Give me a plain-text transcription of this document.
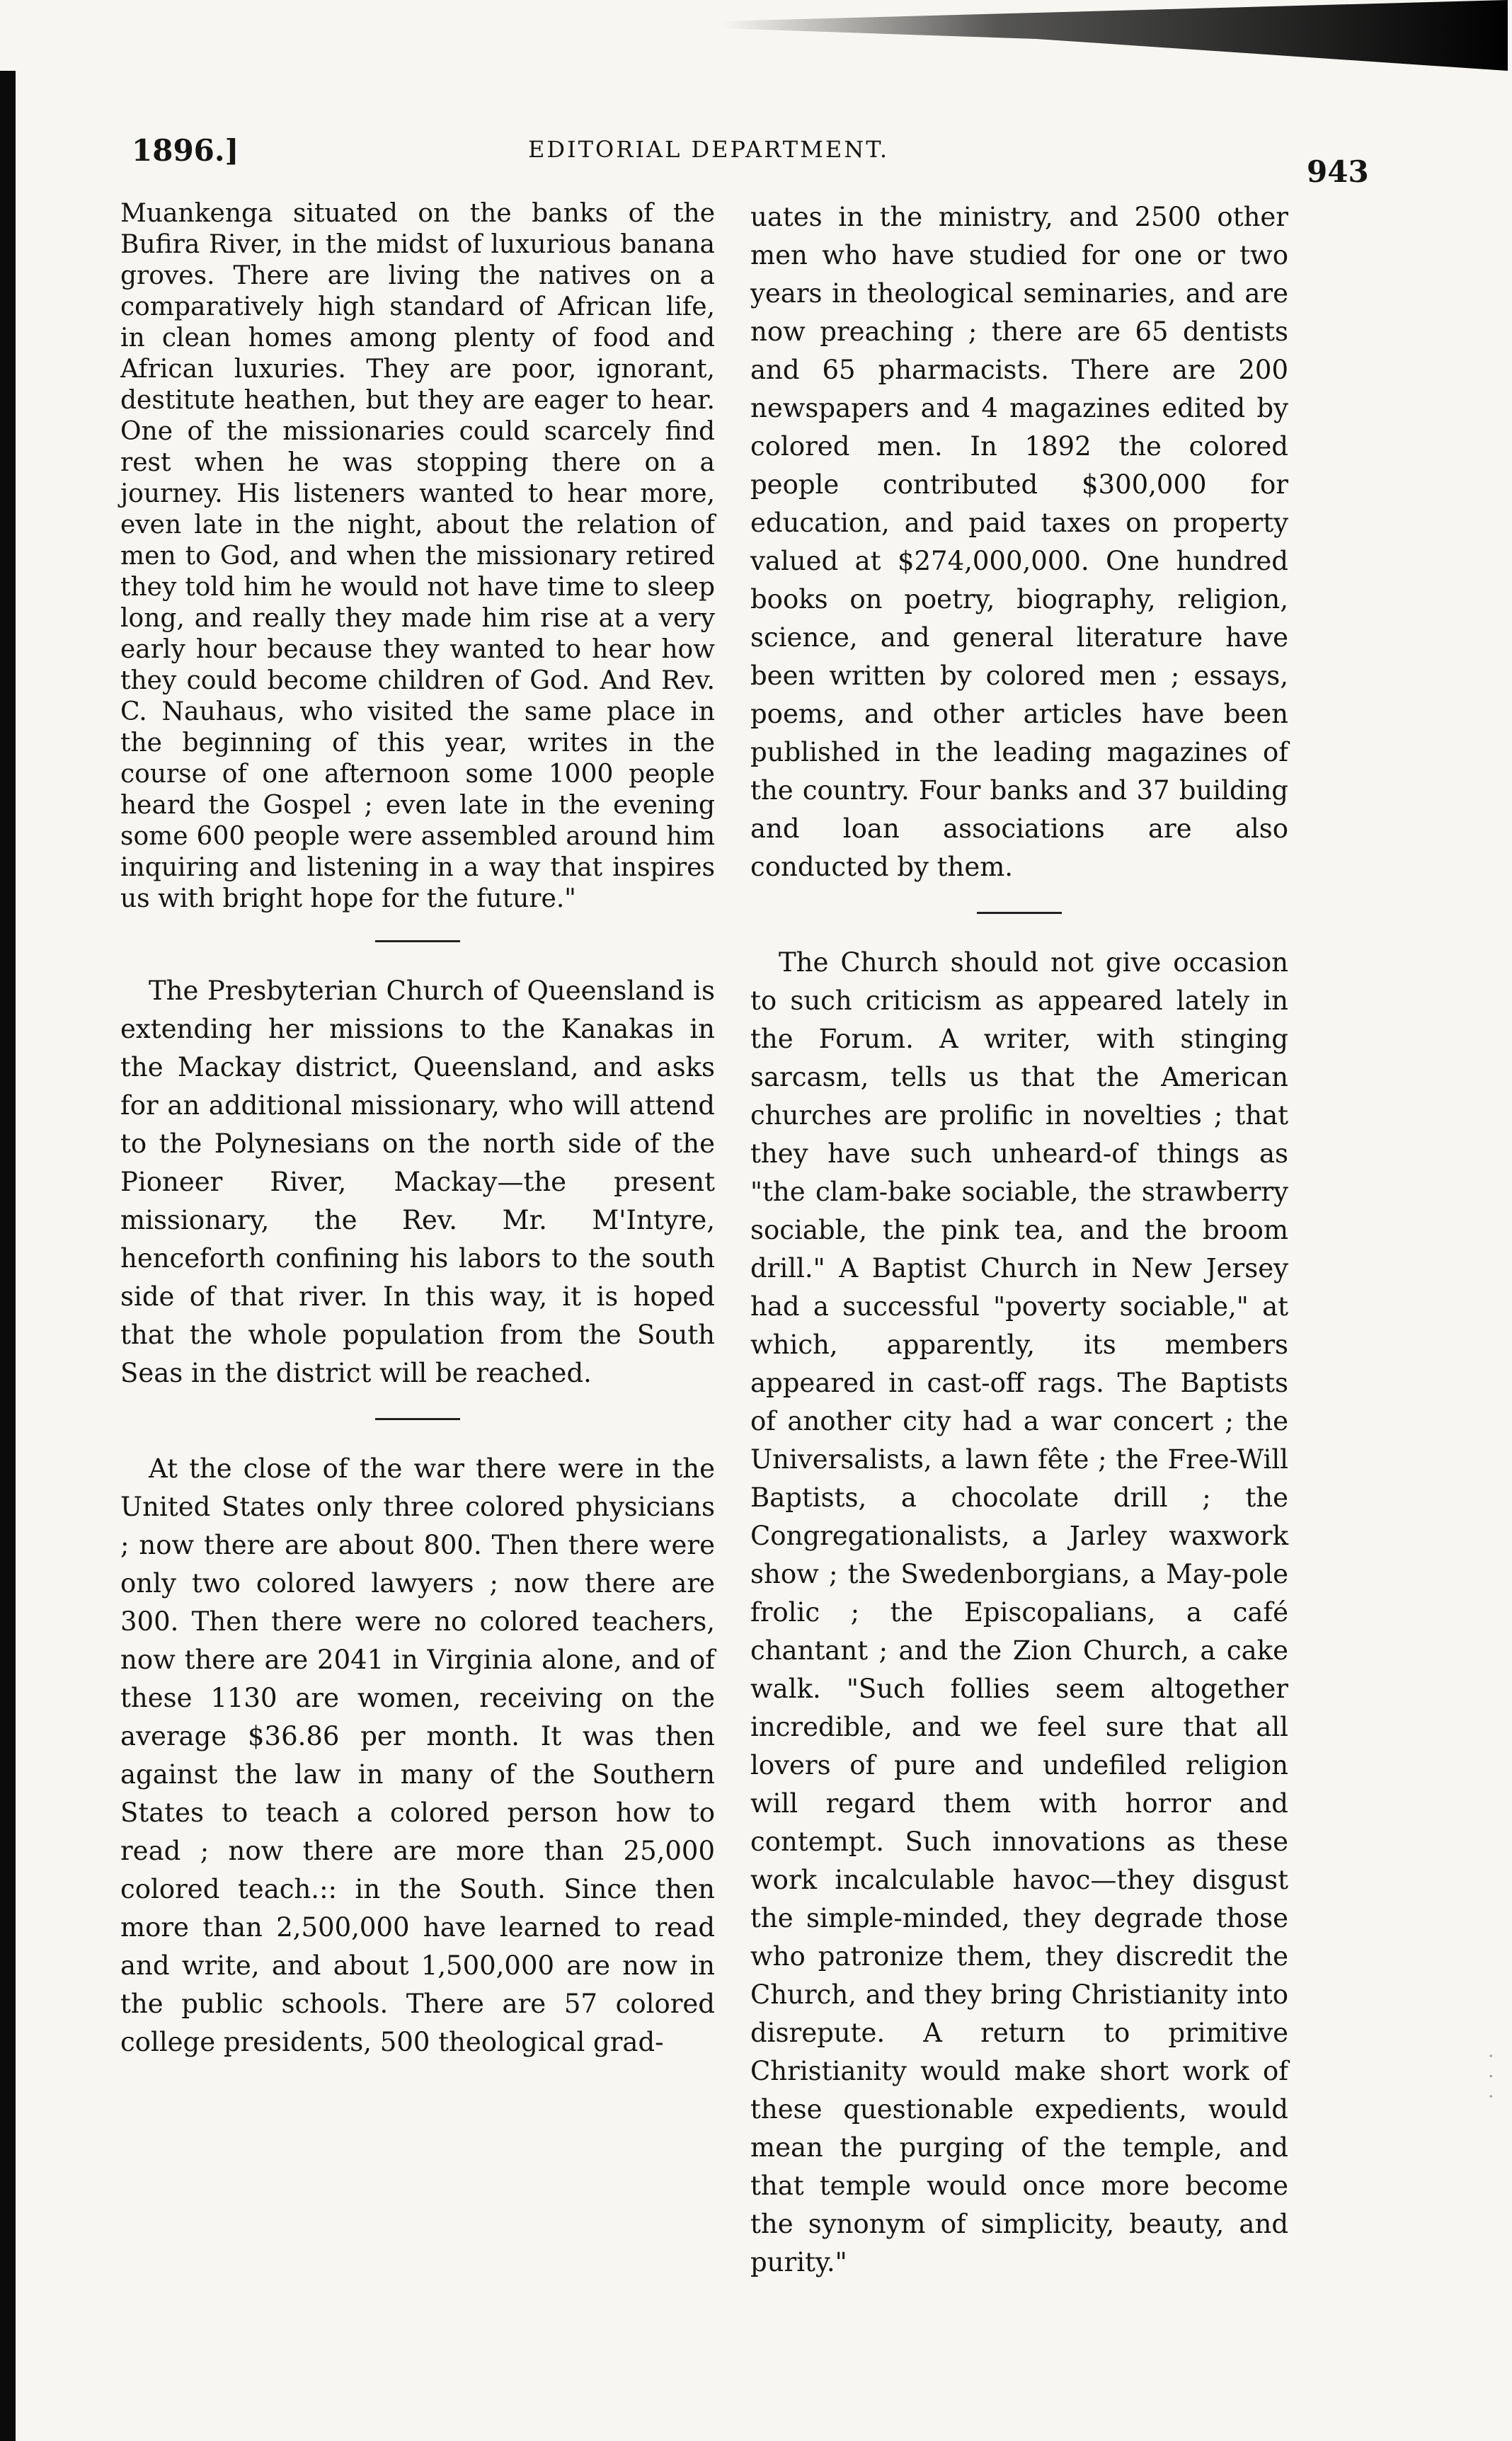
1896.]	EDITORIAL DEPARTMENT.
943

Muankenga situated on the banks of the Bufira River, in the midst of luxurious banana groves. There are living the natives on a comparatively high standard of African life, in clean homes among plenty of food and African luxuries. They are poor, ignorant, destitute heathen, but they are eager to hear. One of the missionaries could scarcely find rest when he was stopping there on a journey. His listeners wanted to hear more, even late in the night, about the relation of men to God, and when the missionary retired they told him he would not have time to sleep long, and really they made him rise at a very early hour because they wanted to hear how they could become children of God. And Rev. C. Nauhaus, who visited the same place in the beginning of this year, writes in the course of one afternoon some 1000 people heard the Gospel ; even late in the evening some 600 people were assembled around him inquiring and listening in a way that inspires us with bright hope for the future."

The Presbyterian Church of Queensland is extending her missions to the Kanakas in the Mackay district, Queensland, and asks for an additional missionary, who will attend to the Polynesians on the north side of the Pioneer River, Mackay—the present missionary, the Rev. Mr. M'Intyre, henceforth confining his labors to the south side of that river. In this way, it is hoped that the whole population from the South Seas in the district will be reached.

At the close of the war there were in the United States only three colored physicians ; now there are about 800. Then there were only two colored lawyers ; now there are 300. Then there were no colored teachers, now there are 2041 in Virginia alone, and of these 1130 are women, receiving on the average $36.86 per month. It was then against the law in many of the Southern States to teach a colored person how to read ; now there are more than 25,000 colored teach.:: in the South. Since then more than 2,500,000 have learned to read and write, and about 1,500,000 are now in the public schools. There are 57 colored college presidents, 500 theological grad-

uates in the ministry, and 2500 other men who have studied for one or two years in theological seminaries, and are now preaching ; there are 65 dentists and 65 pharmacists. There are 200 newspapers and 4 magazines edited by colored men. In 1892 the colored people contributed $300,000 for education, and paid taxes on property valued at $274,000,000. One hundred books on poetry, biography, religion, science, and general literature have been written by colored men ; essays, poems, and other articles have been published in the leading magazines of the country. Four banks and 37 building and loan associations are also conducted by them.

The Church should not give occasion to such criticism as appeared lately in the Forum. A writer, with stinging sarcasm, tells us that the American churches are prolific in novelties ; that they have such unheard-of things as "the clam-bake sociable, the strawberry sociable, the pink tea, and the broom drill." A Baptist Church in New Jersey had a successful "poverty sociable," at which, apparently, its members appeared in cast-off rags. The Baptists of another city had a war concert ; the Universalists, a lawn fête ; the Free-Will Baptists, a chocolate drill ; the Congregationalists, a Jarley waxwork show ; the Swedenborgians, a May-pole frolic ; the Episcopalians, a café chantant ; and the Zion Church, a cake walk. "Such follies seem altogether incredible, and we feel sure that all lovers of pure and undefiled religion will regard them with horror and contempt. Such innovations as these work incalculable havoc—they disgust the simple-minded, they degrade those who patronize them, they discredit the Church, and they bring Christianity into disrepute. A return to primitive Christianity would make short work of these questionable expedients, would mean the purging of the temple, and that temple would once more become the synonym of simplicity, beauty, and purity."

· · ·
